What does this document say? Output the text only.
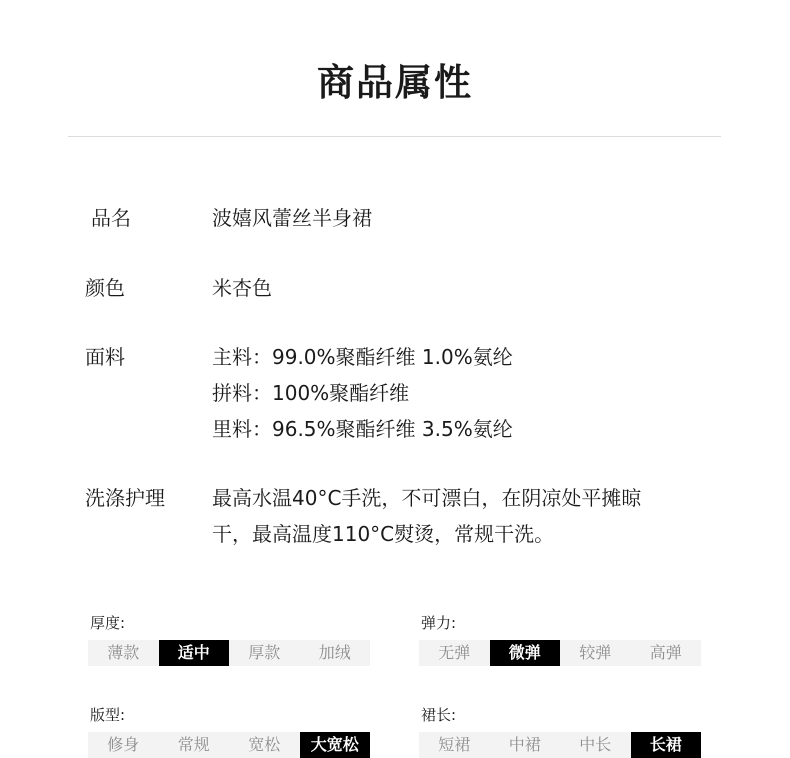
商品属性
品名	波嬉风蕾丝半身裙
颜色	米杏色
面料	主料：99.0%聚酯纤维 1.0%氨纶
拼料：100%聚酯纤维
里料：96.5%聚酯纤维 3.5%氨纶
洗涤护理	最高水温40°C手洗，不可漂白，在阴凉处平摊晾
干，最高温度110°C熨烫，常规干洗。
厚度:
薄款	适中	厚款	加绒
弹力:
无弹	微弹	较弹	高弹
版型:
修身	常规	宽松	大宽松
裙长:
短裙	中裙	中长	长裙
